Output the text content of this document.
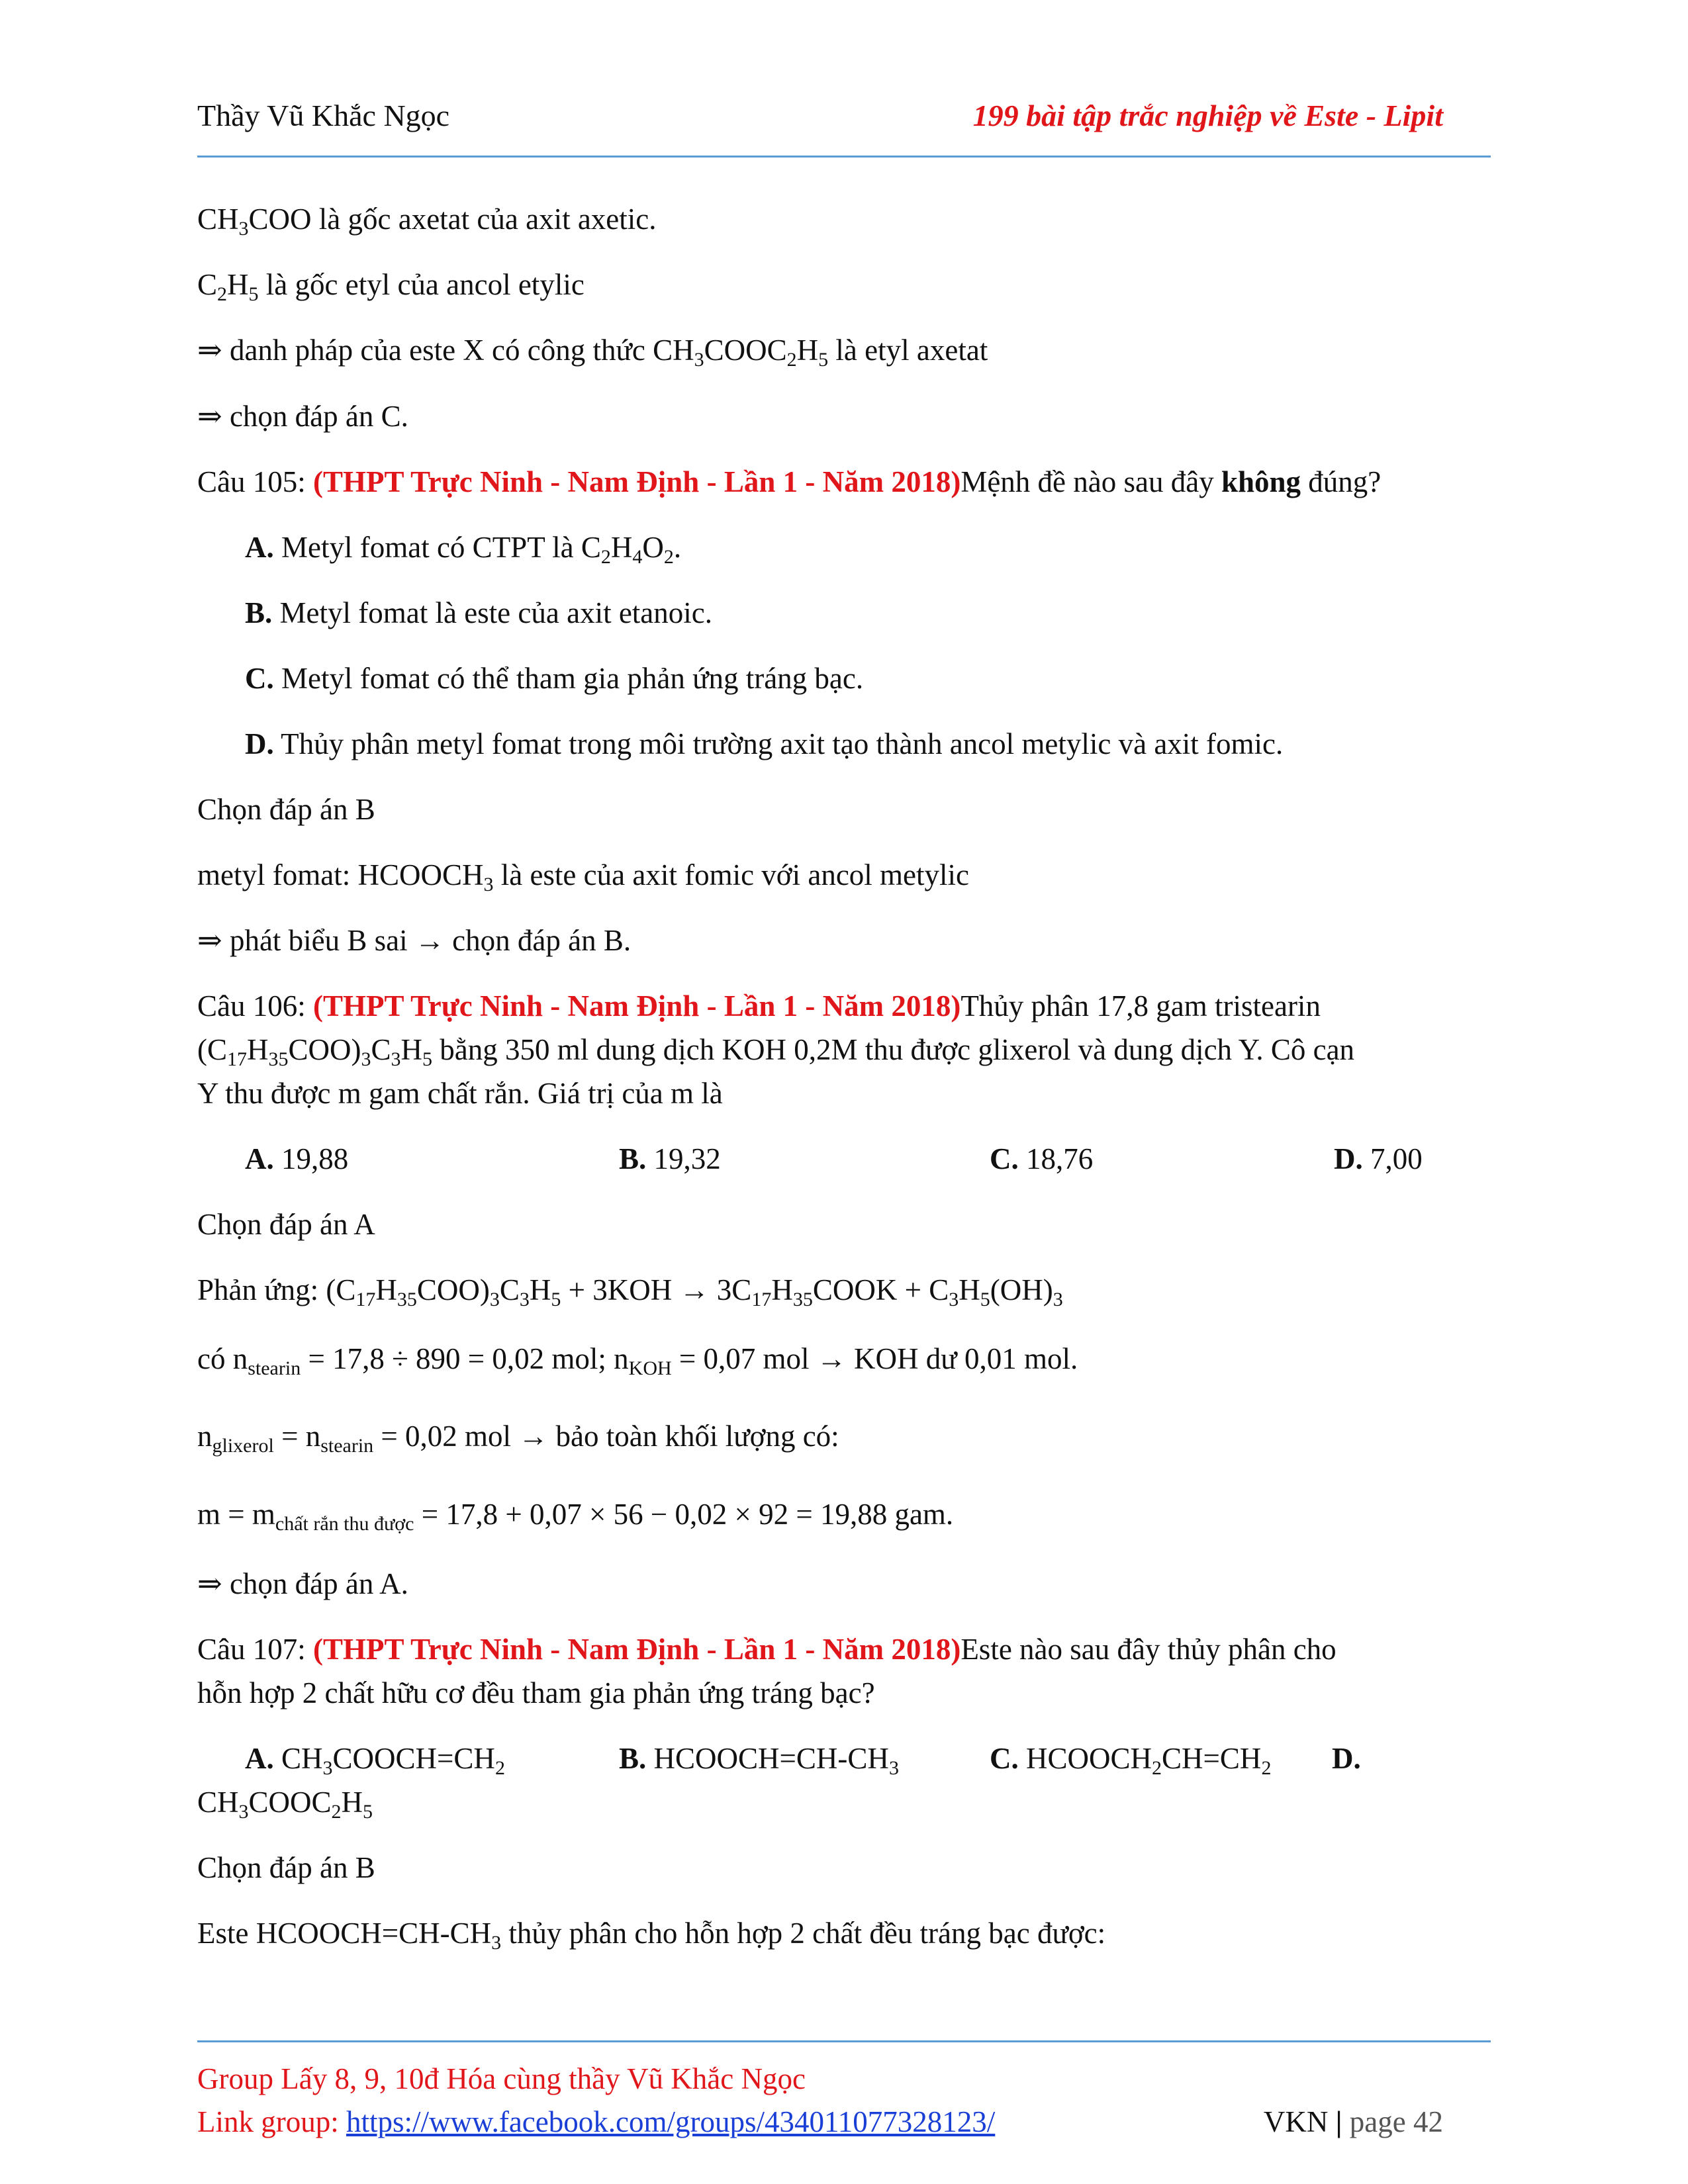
Thầy Vũ Khắc Ngọc	199 bài tập trắc nghiệp về Este - Lipit
$CH_3COO$ là gốc axetat của axit axetic.
$C_2H_5$ là gốc etyl của ancol etylic
⇒ danh pháp của este X có công thức $CH_3COOC_2H_5$ là etyl axetat
⇒ chọn đáp án C.
Câu 105: (THPT Trực Ninh - Nam Định - Lần 1 - Năm 2018)Mệnh đề nào sau đây không đúng?
A. Metyl fomat có CTPT là $C_2H_4O_2$.
B. Metyl fomat là este của axit etanoic.
C. Metyl fomat có thể tham gia phản ứng tráng bạc.
D. Thủy phân metyl fomat trong môi trường axit tạo thành ancol metylic và axit fomic.
Chọn đáp án B
metyl fomat: $HCOOCH_3$ là este của axit fomic với ancol metylic
⇒ phát biểu B sai → chọn đáp án B.
Câu 106: (THPT Trực Ninh - Nam Định - Lần 1 - Năm 2018)Thủy phân 17,8 gam tristearin
$(C_{17}H_{35}COO)_3C_3H_5$ bằng 350 ml dung dịch KOH 0,2M thu được glixerol và dung dịch Y. Cô cạn
Y thu được m gam chất rắn. Giá trị của m là
A. 19,88	B. 19,32	C. 18,76	D. 7,00
Chọn đáp án A
Phản ứng: $(C_{17}H_{35}COO)_3C_3H_5 + 3KOH$ → $3C_{17}H_{35}COOK + C_3H_5(OH)_3$
có $n_{stearin} = 17,8 \div 890 = 0,02$ mol; $n_{KOH} = 0,07$ mol → KOH dư 0,01 mol.
$n_{glixerol} = n_{stearin} = 0,02$ mol → bảo toàn khối lượng có:
$m = m_{chất rắn thu được} = 17,8 + 0,07 \times 56 - 0,02 \times 92 = 19,88$ gam.
⇒ chọn đáp án A.
Câu 107: (THPT Trực Ninh - Nam Định - Lần 1 - Năm 2018)Este nào sau đây thủy phân cho
hỗn hợp 2 chất hữu cơ đều tham gia phản ứng tráng bạc?
A. $CH_3COOCH=CH_2$	B. $HCOOCH=CH-CH_3$	C. $HCOOCH_2CH=CH_2$ D.
$CH_3COOC_2H_5$
Chọn đáp án B
Este $HCOOCH=CH-CH_3$ thủy phân cho hỗn hợp 2 chất đều tráng bạc được:
Group Lấy 8, 9, 10đ Hóa cùng thầy Vũ Khắc Ngọc
Link group: https://www.facebook.com/groups/434011077328123/	VKN | page 42
